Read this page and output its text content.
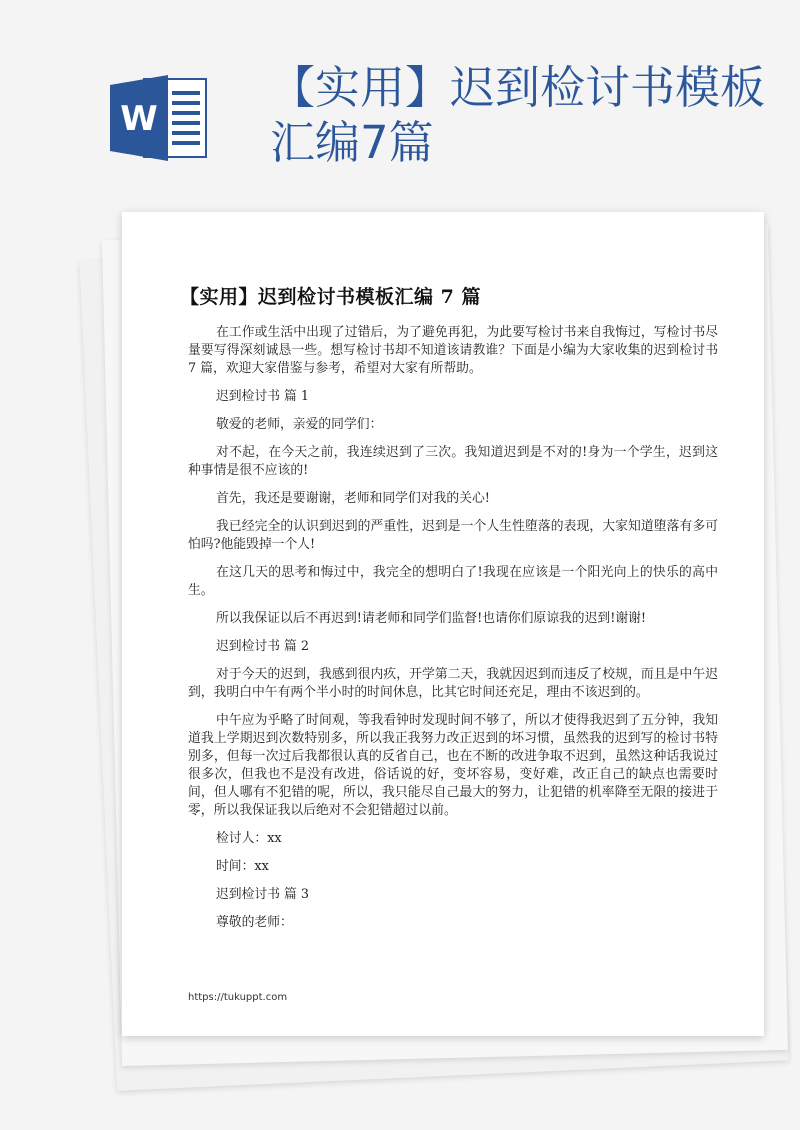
W
【实用】迟到检讨书模板汇编7篇
【实用】迟到检讨书模板汇编 7 篇

在工作或生活中出现了过错后，为了避免再犯，为此要写检讨书来自我悔过，写检讨书尽量要写得深刻诚恳一些。想写检讨书却不知道该请教谁？下面是小编为大家收集的迟到检讨书 7 篇，欢迎大家借鉴与参考，希望对大家有所帮助。

迟到检讨书 篇 1

敬爱的老师，亲爱的同学们：

对不起，在今天之前，我连续迟到了三次。我知道迟到是不对的!身为一个学生，迟到这种事情是很不应该的!

首先，我还是要谢谢，老师和同学们对我的关心!

我已经完全的认识到迟到的严重性，迟到是一个人生性堕落的表现，大家知道堕落有多可怕吗?他能毁掉一个人!

在这几天的思考和悔过中，我完全的想明白了!我现在应该是一个阳光向上的快乐的高中生。

所以我保证以后不再迟到!请老师和同学们监督!也请你们原谅我的迟到!谢谢!

迟到检讨书 篇 2

对于今天的迟到，我感到很内疚，开学第二天，我就因迟到而违反了校规，而且是中午迟到，我明白中午有两个半小时的时间休息，比其它时间还充足，理由不该迟到的。

中午应为乎略了时间观，等我看钟时发现时间不够了，所以才使得我迟到了五分钟，我知道我上学期迟到次数特别多，所以我正我努力改正迟到的坏习惯，虽然我的迟到写的检讨书特别多，但每一次过后我都很认真的反省自己，也在不断的改进争取不迟到，虽然这种话我说过很多次，但我也不是没有改进，俗话说的好，变坏容易，变好难，改正自己的缺点也需要时间，但人哪有不犯错的呢，所以，我只能尽自己最大的努力，让犯错的机率降至无限的接进于零，所以我保证我以后绝对不会犯错超过以前。

检讨人：xx

时间：xx

迟到检讨书 篇 3

尊敬的老师：

https://tukuppt.com
